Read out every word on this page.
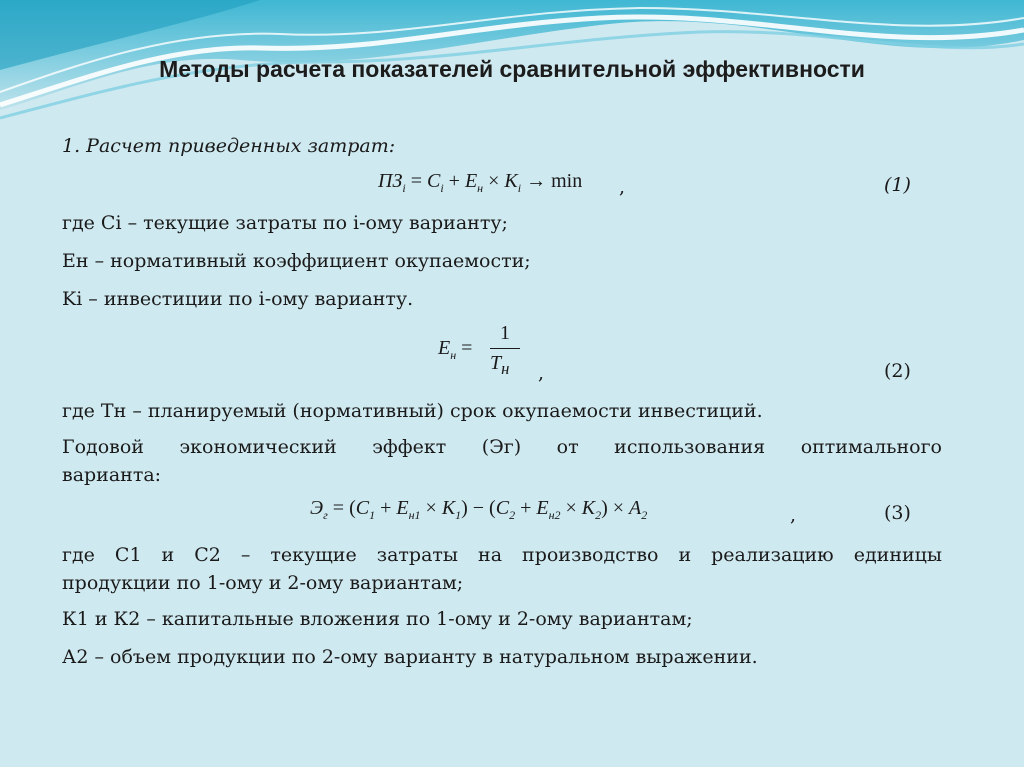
Методы расчета показателей сравнительной эффективности
1. Расчет приведенных затрат:
$ПЗ_i = C_i + E_н \times K_i \to \min$ ,	(1)
где Ci – текущие затраты по i-ому варианту;
Ен – нормативный коэффициент окупаемости;
Ki – инвестиции по i-ому варианту.
$E_н$ =
1
$T_н$ ,	(2)
где Тн – планируемый (нормативный) срок окупаемости инвестиций.
Годовой экономический эффект (Эг) от использования оптимального
варианта:
$Э_г = (C_1 + E_{н1} \times К_1) - (C_2 + E_{н2} \times К_2) \times A_2$	,	(3)
где С1 и С2 – текущие затраты на производство и реализацию единицы
продукции по 1-ому и 2-ому вариантам;
К1 и К2 – капитальные вложения по 1-ому и 2-ому вариантам;
А2 – объем продукции по 2-ому варианту в натуральном выражении.
